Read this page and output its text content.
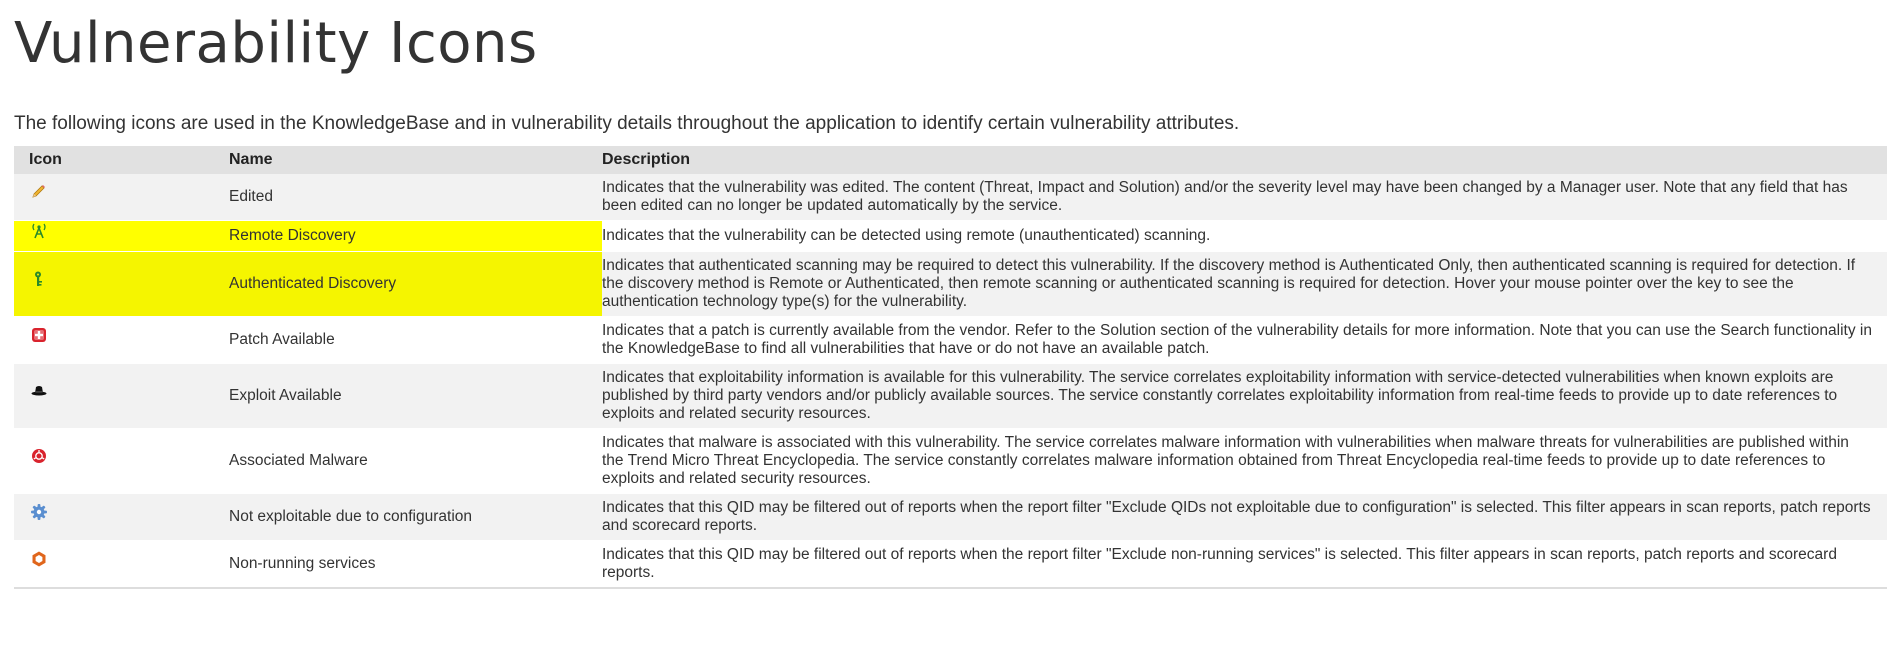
Vulnerability Icons

The following icons are used in the KnowledgeBase and in vulnerability details throughout the application to identify certain vulnerability attributes.

Icon	Name	Description

	Edited	Indicates that the vulnerability was edited. The content (Threat, Impact and Solution) and/or the severity level may have been changed by a Manager user. Note that any field that has been edited can no longer be updated automatically by the service.

	Remote Discovery	Indicates that the vulnerability can be detected using remote (unauthenticated) scanning.

	Authenticated Discovery	Indicates that authenticated scanning may be required to detect this vulnerability. If the discovery method is Authenticated Only, then authenticated scanning is required for detection. If the discovery method is Remote or Authenticated, then remote scanning or authenticated scanning is required for detection. Hover your mouse pointer over the key to see the authentication technology type(s) for the vulnerability.

	Patch Available	Indicates that a patch is currently available from the vendor. Refer to the Solution section of the vulnerability details for more information. Note that you can use the Search functionality in the KnowledgeBase to find all vulnerabilities that have or do not have an available patch.

	Exploit Available	Indicates that exploitability information is available for this vulnerability. The service correlates exploitability information with service-detected vulnerabilities when known exploits are published by third party vendors and/or publicly available sources. The service constantly correlates exploitability information from real-time feeds to provide up to date references to exploits and related security resources.

	Associated Malware	Indicates that malware is associated with this vulnerability. The service correlates malware information with vulnerabilities when malware threats for vulnerabilities are published within the Trend Micro Threat Encyclopedia. The service constantly correlates malware information obtained from Threat Encyclopedia real-time feeds to provide up to date references to exploits and related security resources.

	Not exploitable due to configuration	Indicates that this QID may be filtered out of reports when the report filter "Exclude QIDs not exploitable due to configuration" is selected. This filter appears in scan reports, patch reports and scorecard reports.

	Non-running services	Indicates that this QID may be filtered out of reports when the report filter "Exclude non-running services" is selected. This filter appears in scan reports, patch reports and scorecard reports.
